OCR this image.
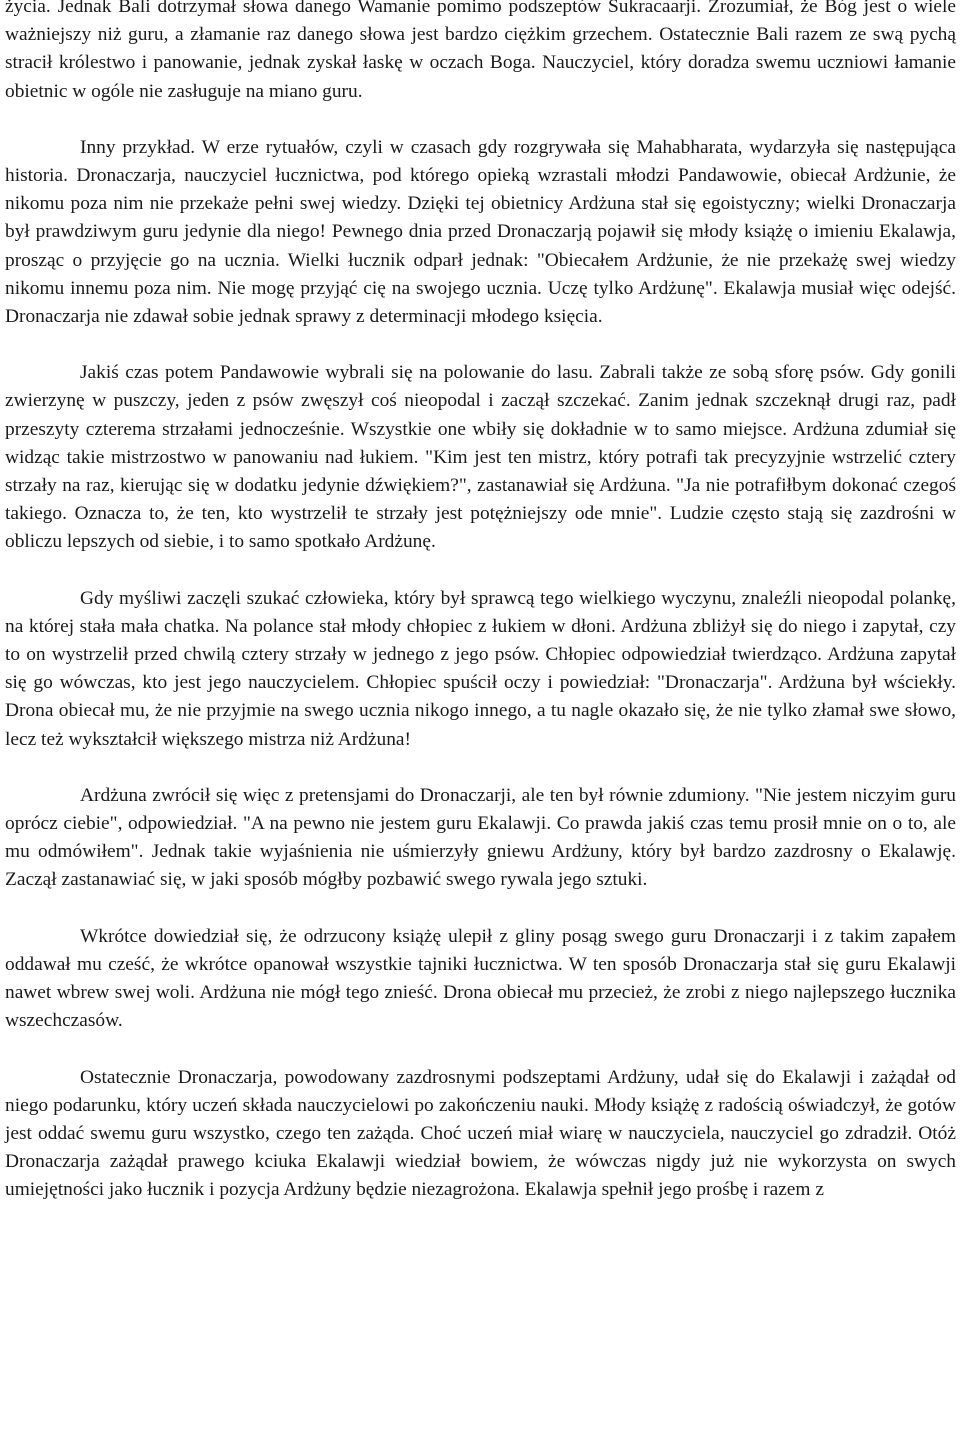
życia. Jednak Bali dotrzymał słowa danego Wamanie pomimo podszeptów Sukracaarji. Zrozumiał, że Bóg jest o wiele ważniejszy niż guru, a złamanie raz danego słowa jest bardzo ciężkim grzechem. Ostatecznie Bali razem ze swą pychą stracił królestwo i panowanie, jednak zyskał łaskę w oczach Boga. Nauczyciel, który doradza swemu uczniowi łamanie obietnic w ogóle nie zasługuje na miano guru.

Inny przykład. W erze rytuałów, czyli w czasach gdy rozgrywała się Mahabharata, wydarzyła się następująca historia. Dronaczarja, nauczyciel łucznictwa, pod którego opieką wzrastali młodzi Pandawowie, obiecał Ardżunie, że nikomu poza nim nie przekaże pełni swej wiedzy. Dzięki tej obietnicy Ardżuna stał się egoistyczny; wielki Dronaczarja był prawdziwym guru jedynie dla niego! Pewnego dnia przed Dronaczarją pojawił się młody książę o imieniu Ekalawja, prosząc o przyjęcie go na ucznia. Wielki łucznik odparł jednak: "Obiecałem Ardżunie, że nie przekażę swej wiedzy nikomu innemu poza nim. Nie mogę przyjąć cię na swojego ucznia. Uczę tylko Ardżunę". Ekalawja musiał więc odejść. Dronaczarja nie zdawał sobie jednak sprawy z determinacji młodego księcia.

Jakiś czas potem Pandawowie wybrali się na polowanie do lasu. Zabrali także ze sobą sforę psów. Gdy gonili zwierzynę w puszczy, jeden z psów zwęszył coś nieopodal i zaczął szczekać. Zanim jednak szczeknął drugi raz, padł przeszyty czterema strzałami jednocześnie. Wszystkie one wbiły się dokładnie w to samo miejsce. Ardżuna zdumiał się widząc takie mistrzostwo w panowaniu nad łukiem. "Kim jest ten mistrz, który potrafi tak precyzyjnie wstrzelić cztery strzały na raz, kierując się w dodatku jedynie dźwiękiem?", zastanawiał się Ardżuna. "Ja nie potrafiłbym dokonać czegoś takiego. Oznacza to, że ten, kto wystrzelił te strzały jest potężniejszy ode mnie". Ludzie często stają się zazdrośni w obliczu lepszych od siebie, i to samo spotkało Ardżunę.

Gdy myśliwi zaczęli szukać człowieka, który był sprawcą tego wielkiego wyczynu, znaleźli nieopodal polankę, na której stała mała chatka. Na polance stał młody chłopiec z łukiem w dłoni. Ardżuna zbliżył się do niego i zapytał, czy to on wystrzelił przed chwilą cztery strzały w jednego z jego psów. Chłopiec odpowiedział twierdząco. Ardżuna zapytał się go wówczas, kto jest jego nauczycielem. Chłopiec spuścił oczy i powiedział: "Dronaczarja". Ardżuna był wściekły. Drona obiecał mu, że nie przyjmie na swego ucznia nikogo innego, a tu nagle okazało się, że nie tylko złamał swe słowo, lecz też wykształcił większego mistrza niż Ardżuna!

Ardżuna zwrócił się więc z pretensjami do Dronaczarji, ale ten był równie zdumiony. "Nie jestem niczyim guru oprócz ciebie", odpowiedział. "A na pewno nie jestem guru Ekalawji. Co prawda jakiś czas temu prosił mnie on o to, ale mu odmówiłem". Jednak takie wyjaśnienia nie uśmierzyły gniewu Ardżuny, który był bardzo zazdrosny o Ekalawję. Zaczął zastanawiać się, w jaki sposób mógłby pozbawić swego rywala jego sztuki.

Wkrótce dowiedział się, że odrzucony książę ulepił z gliny posąg swego guru Dronaczarji i z takim zapałem oddawał mu cześć, że wkrótce opanował wszystkie tajniki łucznictwa. W ten sposób Dronaczarja stał się guru Ekalawji nawet wbrew swej woli. Ardżuna nie mógł tego znieść. Drona obiecał mu przecież, że zrobi z niego najlepszego łucznika wszechczasów.

Ostatecznie Dronaczarja, powodowany zazdrosnymi podszeptami Ardżuny, udał się do Ekalawji i zażądał od niego podarunku, który uczeń składa nauczycielowi po zakończeniu nauki. Młody książę z radością oświadczył, że gotów jest oddać swemu guru wszystko, czego ten zażąda. Choć uczeń miał wiarę w nauczyciela, nauczyciel go zdradził. Otóż Dronaczarja zażądał prawego kciuka Ekalawji wiedział bowiem, że wówczas nigdy już nie wykorzysta on swych umiejętności jako łucznik i pozycja Ardżuny będzie niezagrożona. Ekalawja spełnił jego prośbę i razem z
